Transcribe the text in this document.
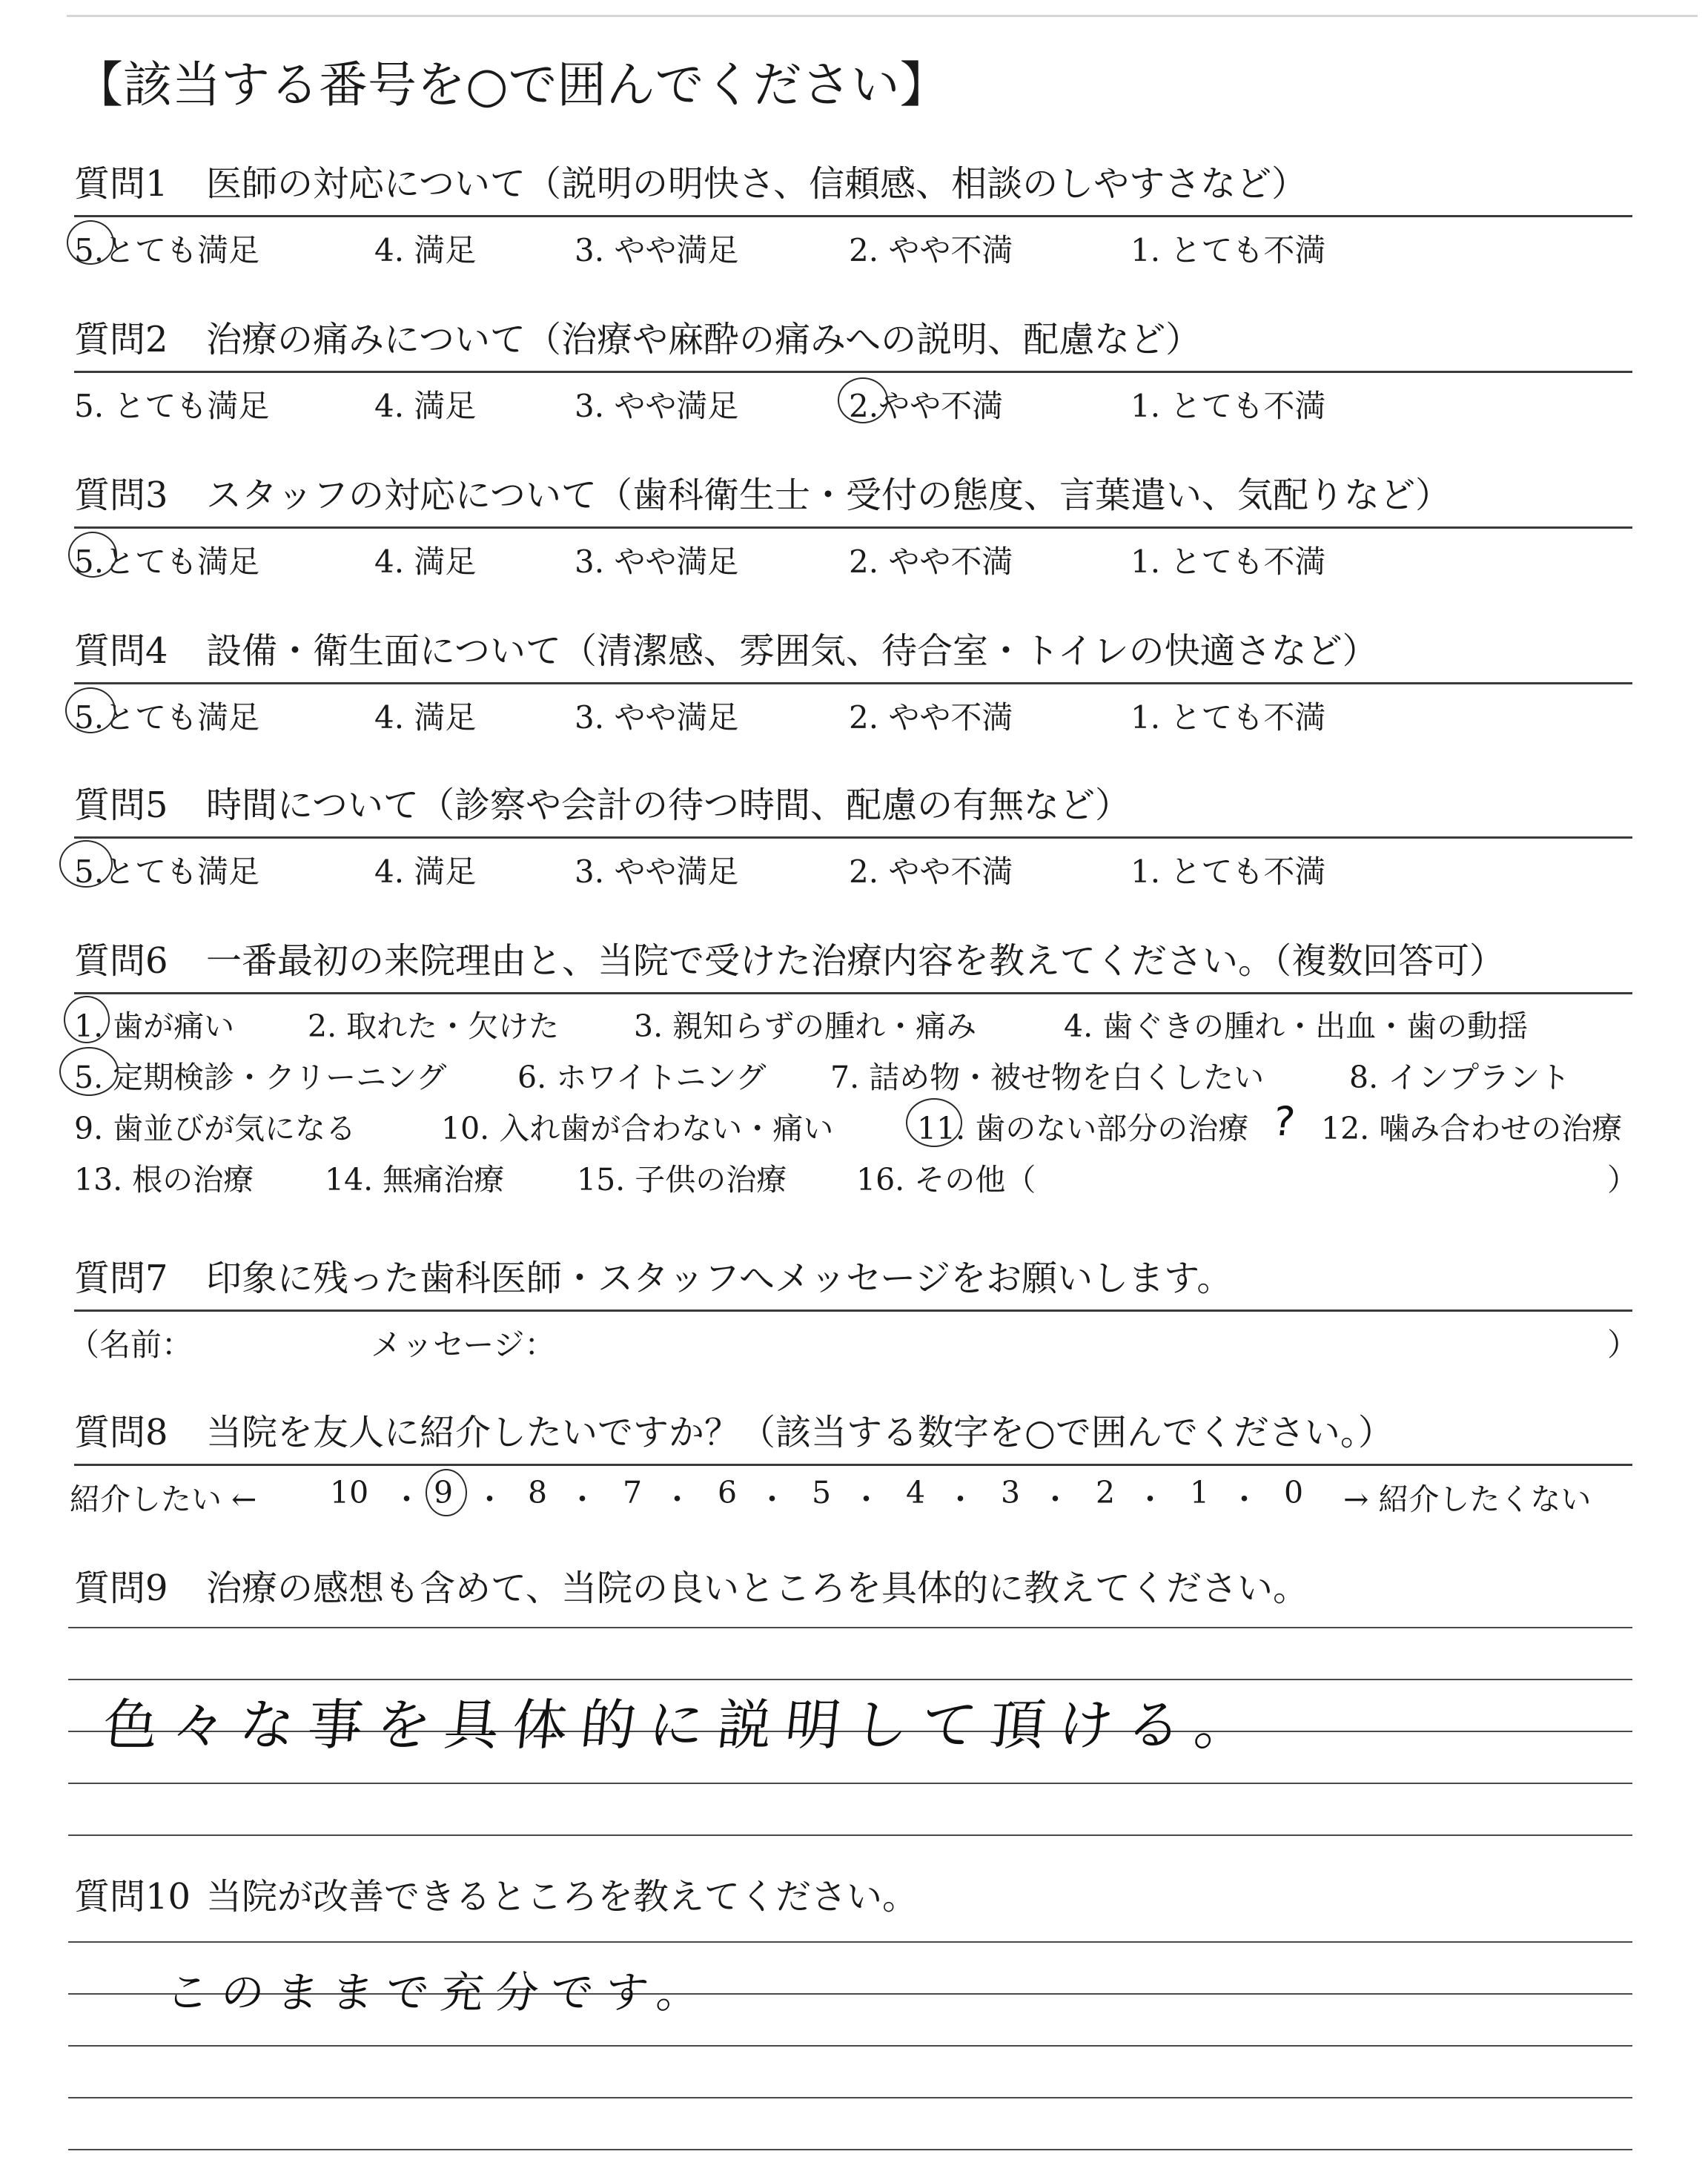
【該当する番号を○で囲んでください】
質問1 医師の対応について（説明の明快さ、信頼感、相談のしやすさなど）
5.とても満足	4. 満足	3. やや満足	2. やや不満	1. とても不満
質問2 治療の痛みについて（治療や麻酔の痛みへの説明、配慮など）
5. とても満足	4. 満足	3. やや満足	2.やや不満	1. とても不満
質問3 スタッフの対応について（歯科衛生士・受付の態度、言葉遣い、気配りなど）
5.とても満足	4. 満足	3. やや満足	2. やや不満	1. とても不満
質問4 設備・衛生面について（清潔感、雰囲気、待合室・トイレの快適さなど）
5.とても満足	4. 満足	3. やや満足	2. やや不満	1. とても不満
質問5 時間について（診察や会計の待つ時間、配慮の有無など）
5.とても満足	4. 満足	3. やや満足	2. やや不満	1. とても不満
質問6 一番最初の来院理由と、当院で受けた治療内容を教えてください。（複数回答可）
1. 歯が痛い 2. 取れた・欠けた 3. 親知らずの腫れ・痛み	4. 歯ぐきの腫れ・出血・歯の動揺
5. 定期検診・クリーニング 6. ホワイトニング 7. 詰め物・被せ物を白くしたい	8. インプラント
9. 歯並びが気になる	10. 入れ歯が合わない・痛い	11. 歯のない部分の治療 ? 12. 噛み合わせの治療
13. 根の治療 14. 無痛治療 15. 子供の治療 16. その他（	）
質問7 印象に残った歯科医師・スタッフへメッセージをお願いします。
（名前：	メッセージ：	）
質問8 当院を友人に紹介したいですか？（該当する数字を○で囲んでください。）
紹介したい ← 10 ・ 9 ・ 8 ・ 7 ・ 6 ・ 5 ・ 4 ・ 3 ・ 2 ・ 1 ・ 0 → 紹介したくない
質問9 治療の感想も含めて、当院の良いところを具体的に教えてください。
色々な事を具体的に説明して頂ける。
質問10 当院が改善できるところを教えてください。
このままで充分です。
